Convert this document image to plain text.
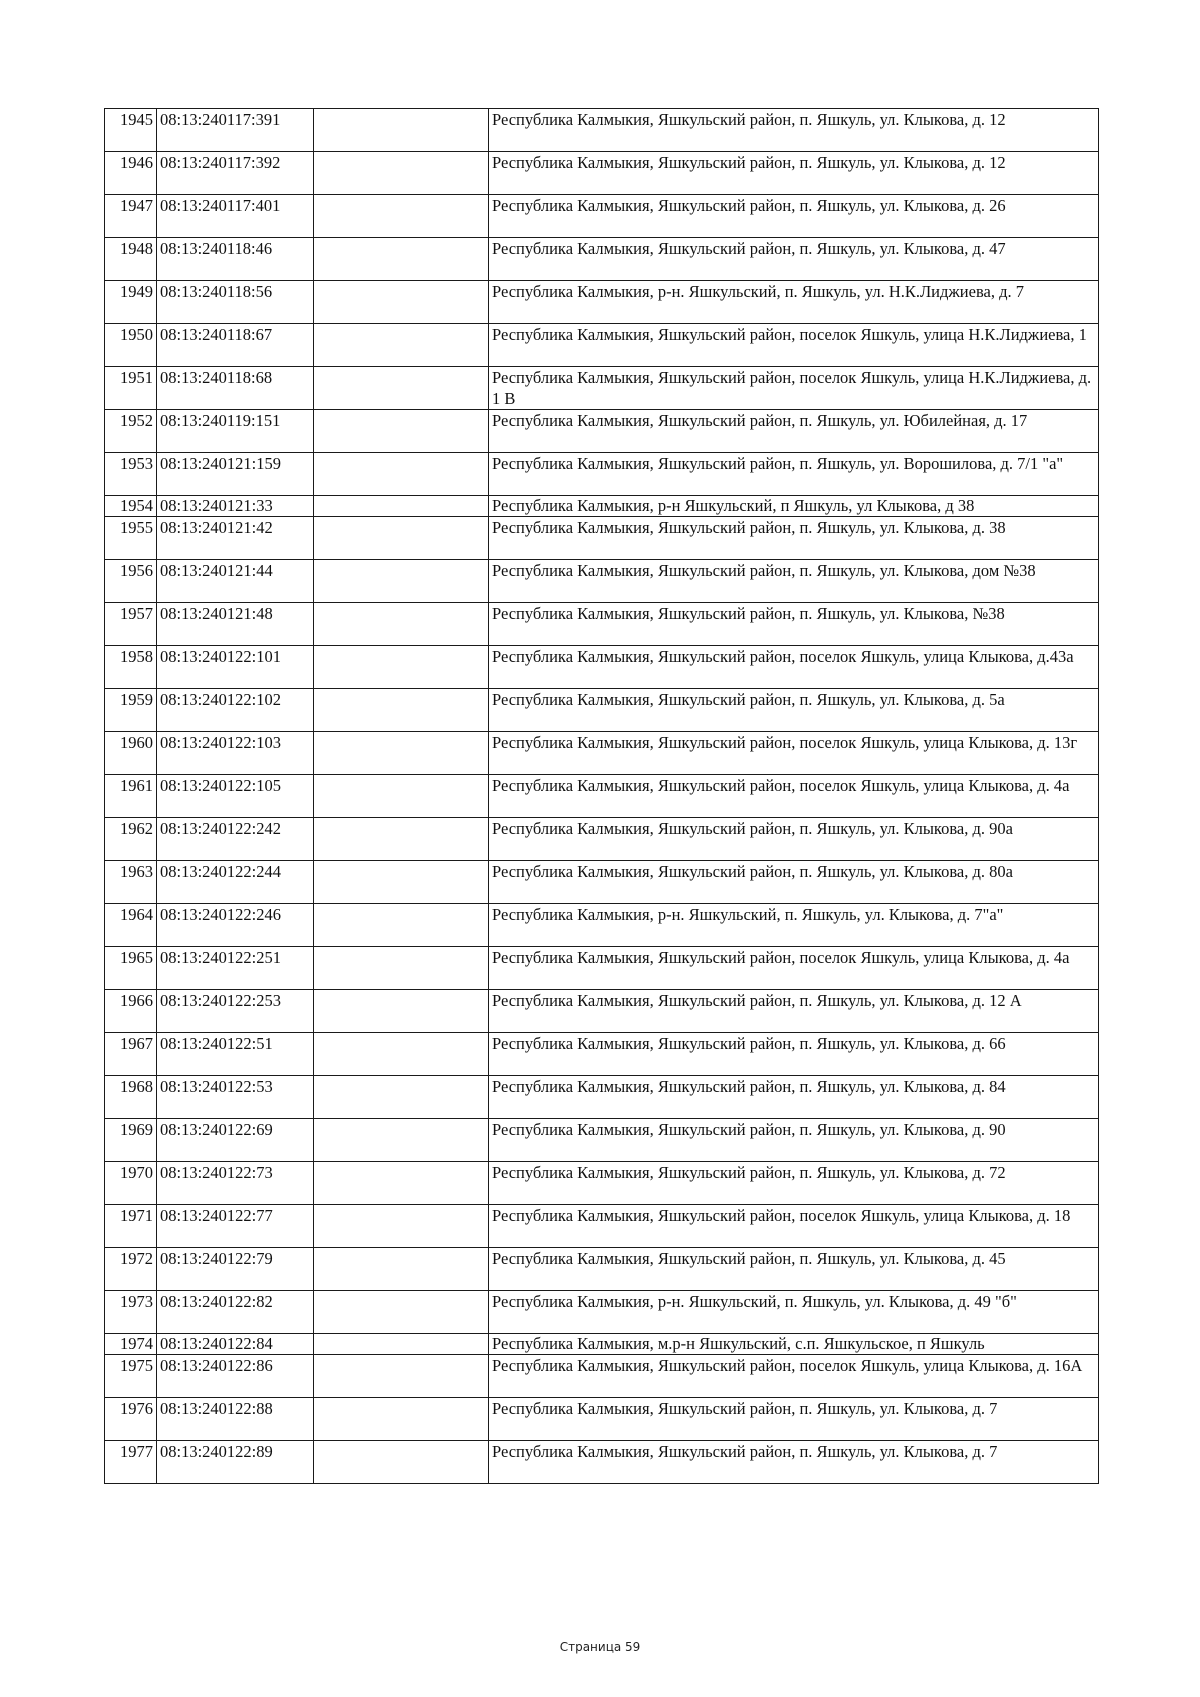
1945	08:13:240117:391		Республика Калмыкия, Яшкульский район, п. Яшкуль, ул. Клыкова, д. 12
1946	08:13:240117:392		Республика Калмыкия, Яшкульский район, п. Яшкуль, ул. Клыкова, д. 12
1947	08:13:240117:401		Республика Калмыкия, Яшкульский район, п. Яшкуль, ул. Клыкова, д. 26
1948	08:13:240118:46		Республика Калмыкия, Яшкульский район, п. Яшкуль, ул. Клыкова, д. 47
1949	08:13:240118:56		Республика Калмыкия, р-н. Яшкульский, п. Яшкуль, ул. Н.К.Лиджиева, д. 7
1950	08:13:240118:67		Республика Калмыкия, Яшкульский район, поселок Яшкуль, улица Н.К.Лиджиева, 1
1951	08:13:240118:68		Республика Калмыкия, Яшкульский район, поселок Яшкуль, улица Н.К.Лиджиева, д. 1 В
1952	08:13:240119:151		Республика Калмыкия, Яшкульский район, п. Яшкуль, ул. Юбилейная, д. 17
1953	08:13:240121:159		Республика Калмыкия, Яшкульский район, п. Яшкуль, ул. Ворошилова, д. 7/1 "а"
1954	08:13:240121:33		Республика Калмыкия, р-н Яшкульский, п Яшкуль, ул Клыкова, д 38
1955	08:13:240121:42		Республика Калмыкия, Яшкульский район, п. Яшкуль, ул. Клыкова, д. 38
1956	08:13:240121:44		Республика Калмыкия, Яшкульский район, п. Яшкуль, ул. Клыкова, дом №38
1957	08:13:240121:48		Республика Калмыкия, Яшкульский район, п. Яшкуль, ул. Клыкова, №38
1958	08:13:240122:101		Республика Калмыкия, Яшкульский район, поселок Яшкуль, улица Клыкова, д.43а
1959	08:13:240122:102		Республика Калмыкия, Яшкульский район, п. Яшкуль, ул. Клыкова, д. 5а
1960	08:13:240122:103		Республика Калмыкия, Яшкульский район, поселок Яшкуль, улица Клыкова, д. 13г
1961	08:13:240122:105		Республика Калмыкия, Яшкульский район, поселок Яшкуль, улица Клыкова, д. 4а
1962	08:13:240122:242		Республика Калмыкия, Яшкульский район, п. Яшкуль, ул. Клыкова, д. 90а
1963	08:13:240122:244		Республика Калмыкия, Яшкульский район, п. Яшкуль, ул. Клыкова, д. 80а
1964	08:13:240122:246		Республика Калмыкия, р-н. Яшкульский, п. Яшкуль, ул. Клыкова, д. 7"а"
1965	08:13:240122:251		Республика Калмыкия, Яшкульский район, поселок Яшкуль, улица Клыкова, д. 4а
1966	08:13:240122:253		Республика Калмыкия, Яшкульский район, п. Яшкуль, ул. Клыкова, д. 12 А
1967	08:13:240122:51		Республика Калмыкия, Яшкульский район, п. Яшкуль, ул. Клыкова, д. 66
1968	08:13:240122:53		Республика Калмыкия, Яшкульский район, п. Яшкуль, ул. Клыкова, д. 84
1969	08:13:240122:69		Республика Калмыкия, Яшкульский район, п. Яшкуль, ул. Клыкова, д. 90
1970	08:13:240122:73		Республика Калмыкия, Яшкульский район, п. Яшкуль, ул. Клыкова, д. 72
1971	08:13:240122:77		Республика Калмыкия, Яшкульский район, поселок Яшкуль, улица Клыкова, д. 18
1972	08:13:240122:79		Республика Калмыкия, Яшкульский район, п. Яшкуль, ул. Клыкова, д. 45
1973	08:13:240122:82		Республика Калмыкия, р-н. Яшкульский, п. Яшкуль, ул. Клыкова, д. 49 "б"
1974	08:13:240122:84		Республика Калмыкия, м.р-н Яшкульский, с.п. Яшкульское, п Яшкуль
1975	08:13:240122:86		Республика Калмыкия, Яшкульский район, поселок Яшкуль, улица Клыкова, д. 16А
1976	08:13:240122:88		Республика Калмыкия, Яшкульский район, п. Яшкуль, ул. Клыкова, д. 7
1977	08:13:240122:89		Республика Калмыкия, Яшкульский район, п. Яшкуль, ул. Клыкова, д. 7
Страница 59
